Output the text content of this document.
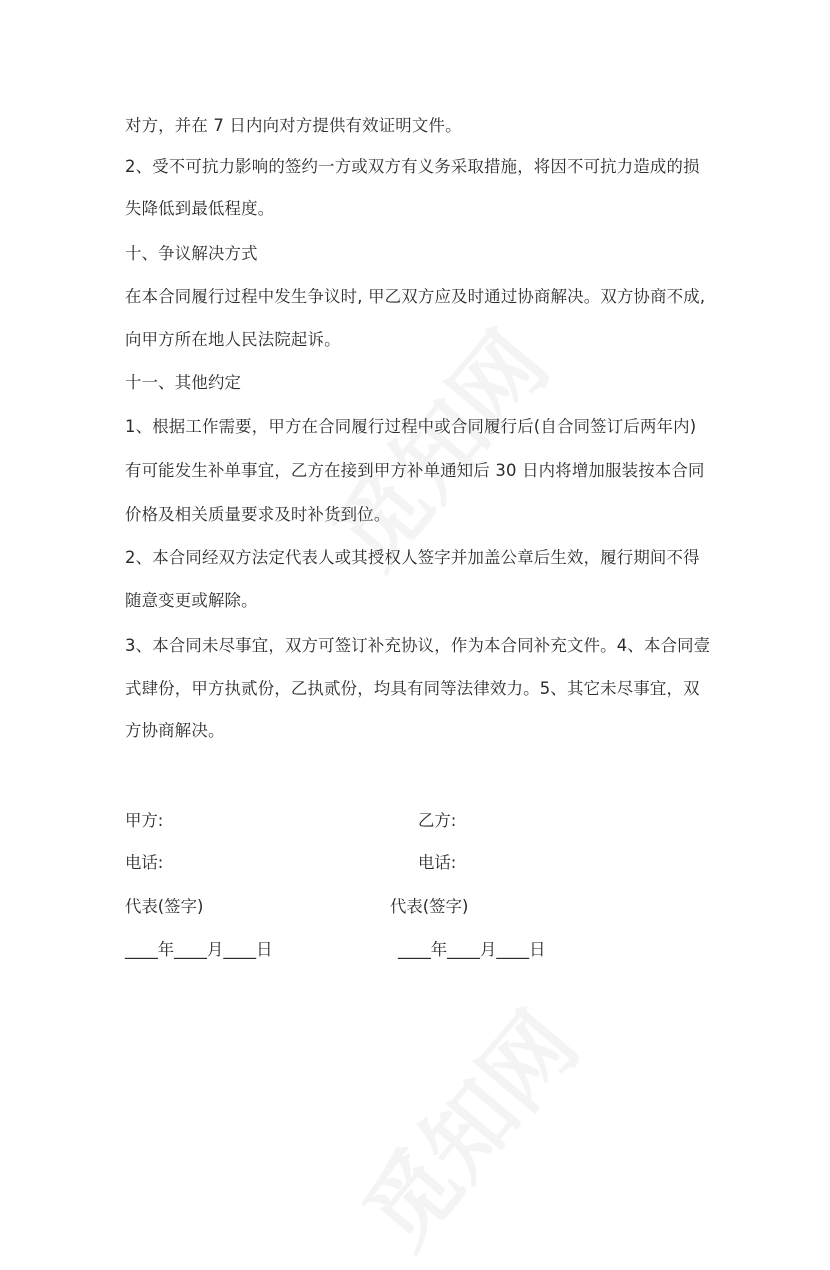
对方，并在 7 日内向对方提供有效证明文件。
2、受不可抗力影响的签约一方或双方有义务采取措施，将因不可抗力造成的损
失降低到最低程度。
十、争议解决方式
在本合同履行过程中发生争议时, 甲乙双方应及时通过协商解决。双方协商不成,
向甲方所在地人民法院起诉。
十一、其他约定
1、根据工作需要，甲方在合同履行过程中或合同履行后(自合同签订后两年内)
有可能发生补单事宜，乙方在接到甲方补单通知后 30 日内将增加服装按本合同
价格及相关质量要求及时补货到位。
2、本合同经双方法定代表人或其授权人签字并加盖公章后生效，履行期间不得
随意变更或解除。
3、本合同未尽事宜，双方可签订补充协议，作为本合同补充文件。4、本合同壹
式肆份，甲方执贰份，乙执贰份，均具有同等法律效力。5、其它未尽事宜，双
方协商解决。
甲方:	乙方:
电话:	电话:
代表(签字)	代表(签字)
____年____月____日	____年____月____日
